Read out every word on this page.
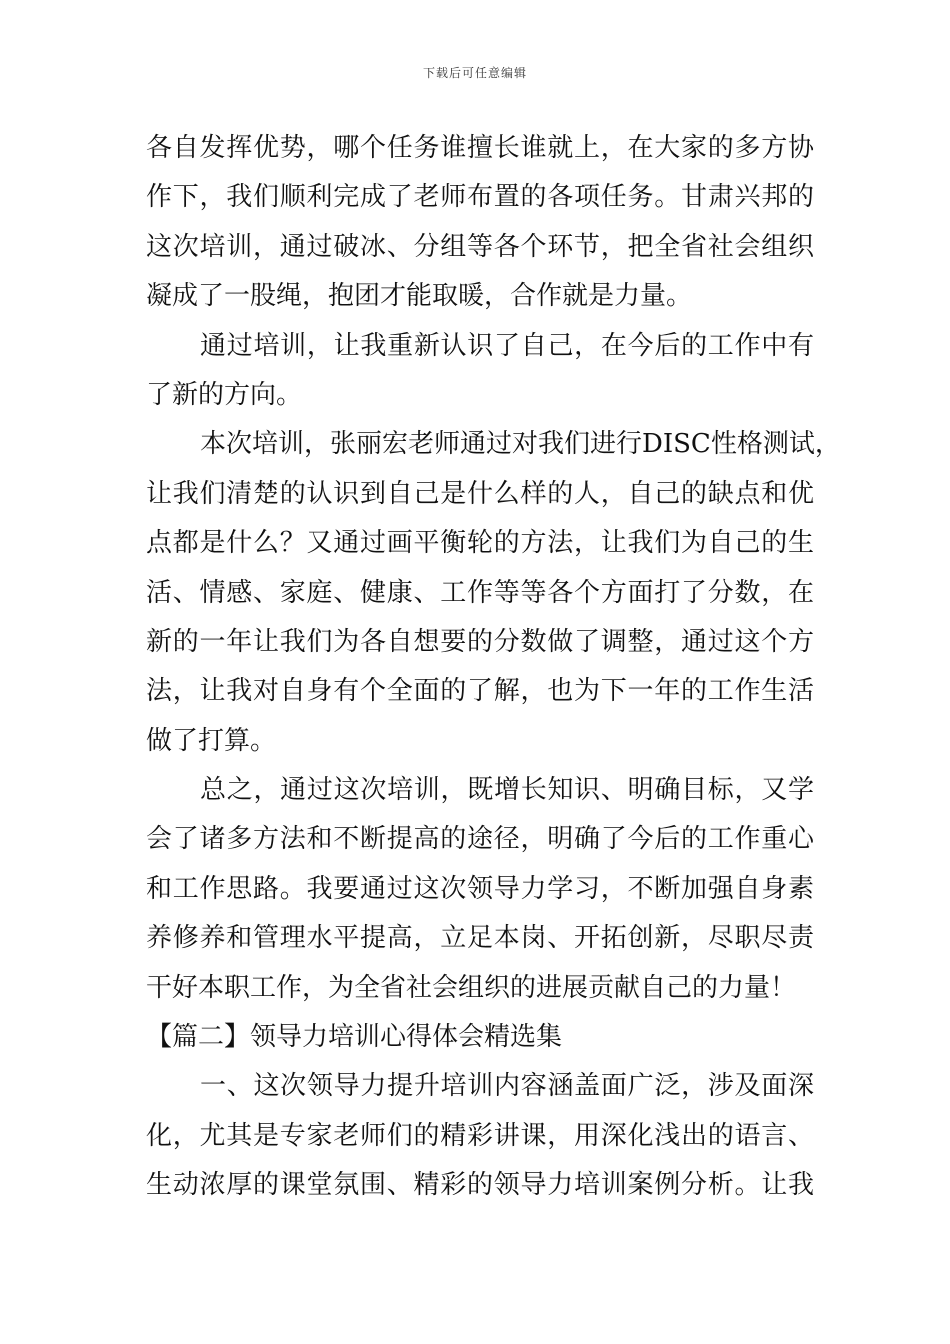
下载后可任意编辑
各自发挥优势，哪个任务谁擅长谁就上，在大家的多方协
作下，我们顺利完成了老师布置的各项任务。甘肃兴邦的
这次培训，通过破冰、分组等各个环节，把全省社会组织
凝成了一股绳，抱团才能取暖，合作就是力量。
通过培训，让我重新认识了自己，在今后的工作中有
了新的方向。
本次培训，张丽宏老师通过对我们进行DISC性格测试，
让我们清楚的认识到自己是什么样的人，自己的缺点和优
点都是什么？又通过画平衡轮的方法，让我们为自己的生
活、情感、家庭、健康、工作等等各个方面打了分数，在
新的一年让我们为各自想要的分数做了调整，通过这个方
法，让我对自身有个全面的了解，也为下一年的工作生活
做了打算。
总之，通过这次培训，既增长知识、明确目标，又学
会了诸多方法和不断提高的途径，明确了今后的工作重心
和工作思路。我要通过这次领导力学习，不断加强自身素
养修养和管理水平提高，立足本岗、开拓创新，尽职尽责
干好本职工作，为全省社会组织的进展贡献自己的力量！
【篇二】领导力培训心得体会精选集
一、这次领导力提升培训内容涵盖面广泛，涉及面深
化，尤其是专家老师们的精彩讲课，用深化浅出的语言、
生动浓厚的课堂氛围、精彩的领导力培训案例分析。让我
